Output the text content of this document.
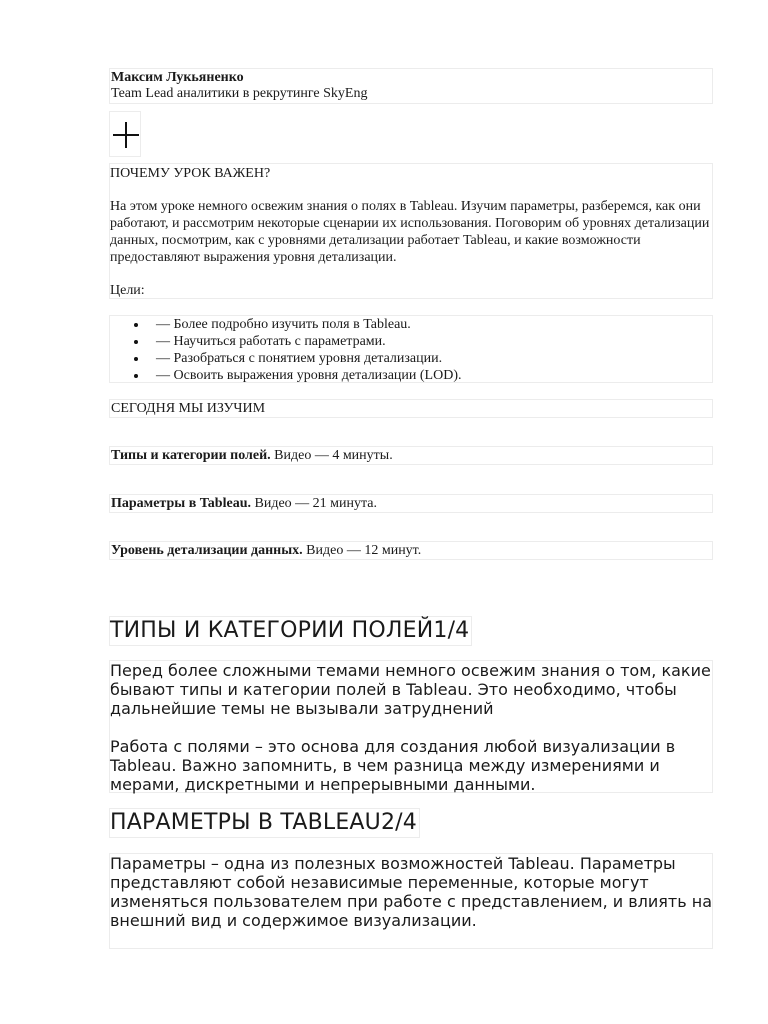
Максим Лукьяненко
Team Lead аналитики в рекрутинге SkyEng

ПОЧЕМУ УРОК ВАЖЕН?

На этом уроке немного освежим знания о полях в Tableau. Изучим параметры, разберемся, как они работают, и рассмотрим некоторые сценарии их использования. Поговорим об уровнях детализации данных, посмотрим, как с уровнями детализации работает Tableau, и какие возможности предоставляют выражения уровня детализации.

Цели:

— Более подробно изучить поля в Tableau.
— Научиться работать с параметрами.
— Разобраться с понятием уровня детализации.
— Освоить выражения уровня детализации (LOD).
СЕГОДНЯ МЫ ИЗУЧИМ
Типы и категории полей. Видео — 4 минуты.
Параметры в Tableau. Видео — 21 минута.
Уровень детализации данных. Видео — 12 минут.
ТИПЫ И КАТЕГОРИИ ПОЛЕЙ1/4

Перед более сложными темами немного освежим знания о том, какие бывают типы и категории полей в Tableau. Это необходимо, чтобы дальнейшие темы не вызывали затруднений

Работа с полями – это основа для создания любой визуализации в Tableau. Важно запомнить, в чем разница между измерениями и мерами, дискретными и непрерывными данными.

ПАРАМЕТРЫ В TABLEAU2/4

Параметры – одна из полезных возможностей Tableau. Параметры представляют собой независимые переменные, которые могут изменяться пользователем при работе с представлением, и влиять на внешний вид и содержимое визуализации.
